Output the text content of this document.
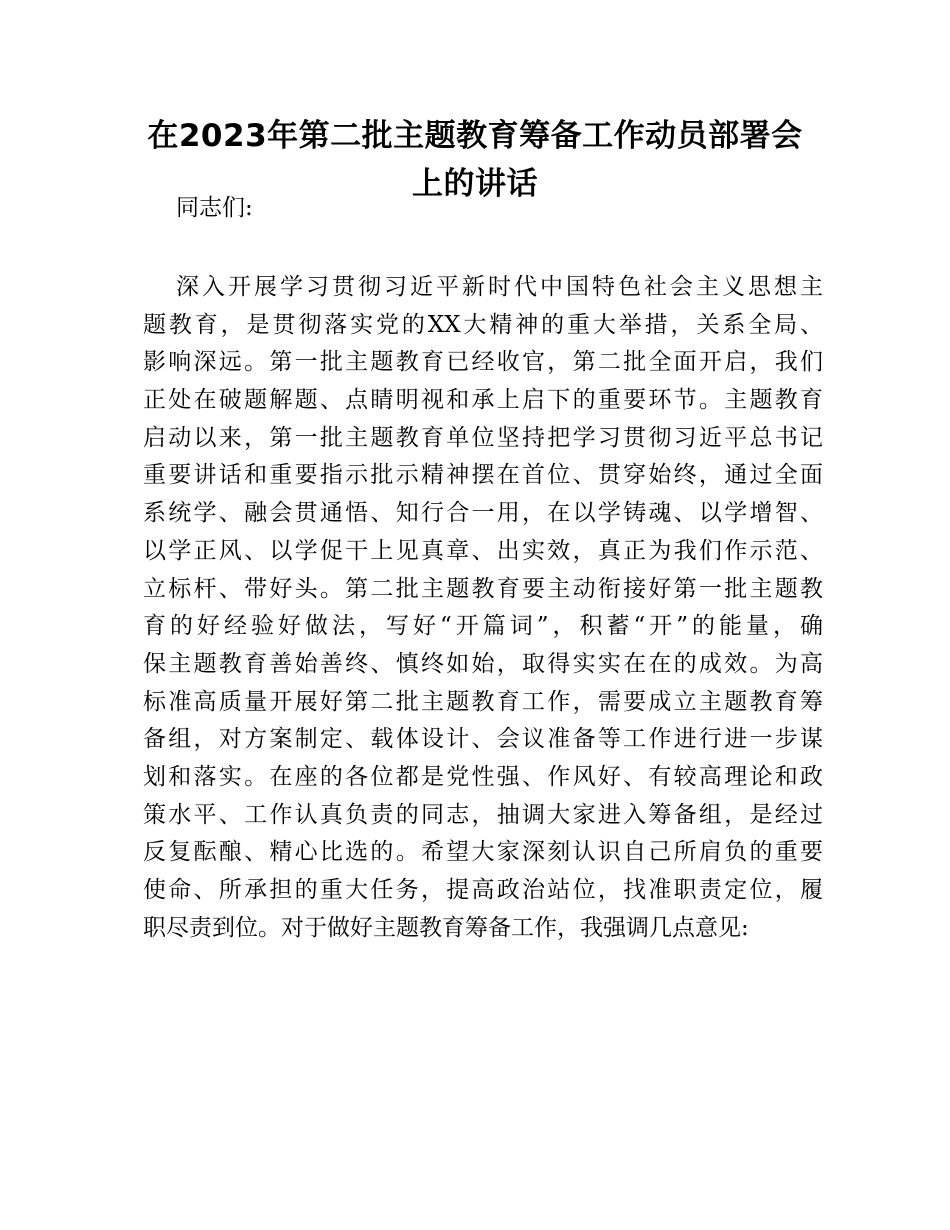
在2023年第二批主题教育筹备工作动员部署会
上的讲话

同志们:

深入开展学习贯彻习近平新时代中国特色社会主义思想主
题教育，是贯彻落实党的XX大精神的重大举措，关系全局、
影响深远。第一批主题教育已经收官，第二批全面开启，我们
正处在破题解题、点睛明视和承上启下的重要环节。主题教育
启动以来，第一批主题教育单位坚持把学习贯彻习近平总书记
重要讲话和重要指示批示精神摆在首位、贯穿始终，通过全面
系统学、融会贯通悟、知行合一用，在以学铸魂、以学增智、
以学正风、以学促干上见真章、出实效，真正为我们作示范、
立标杆、带好头。第二批主题教育要主动衔接好第一批主题教
育的好经验好做法，写好“开篇词”，积蓄“开”的能量，确
保主题教育善始善终、慎终如始，取得实实在在的成效。为高
标准高质量开展好第二批主题教育工作，需要成立主题教育筹
备组，对方案制定、载体设计、会议准备等工作进行进一步谋
划和落实。在座的各位都是党性强、作风好、有较高理论和政
策水平、工作认真负责的同志，抽调大家进入筹备组，是经过
反复酝酿、精心比选的。希望大家深刻认识自己所肩负的重要
使命、所承担的重大任务，提高政治站位，找准职责定位，履
职尽责到位。对于做好主题教育筹备工作，我强调几点意见:
